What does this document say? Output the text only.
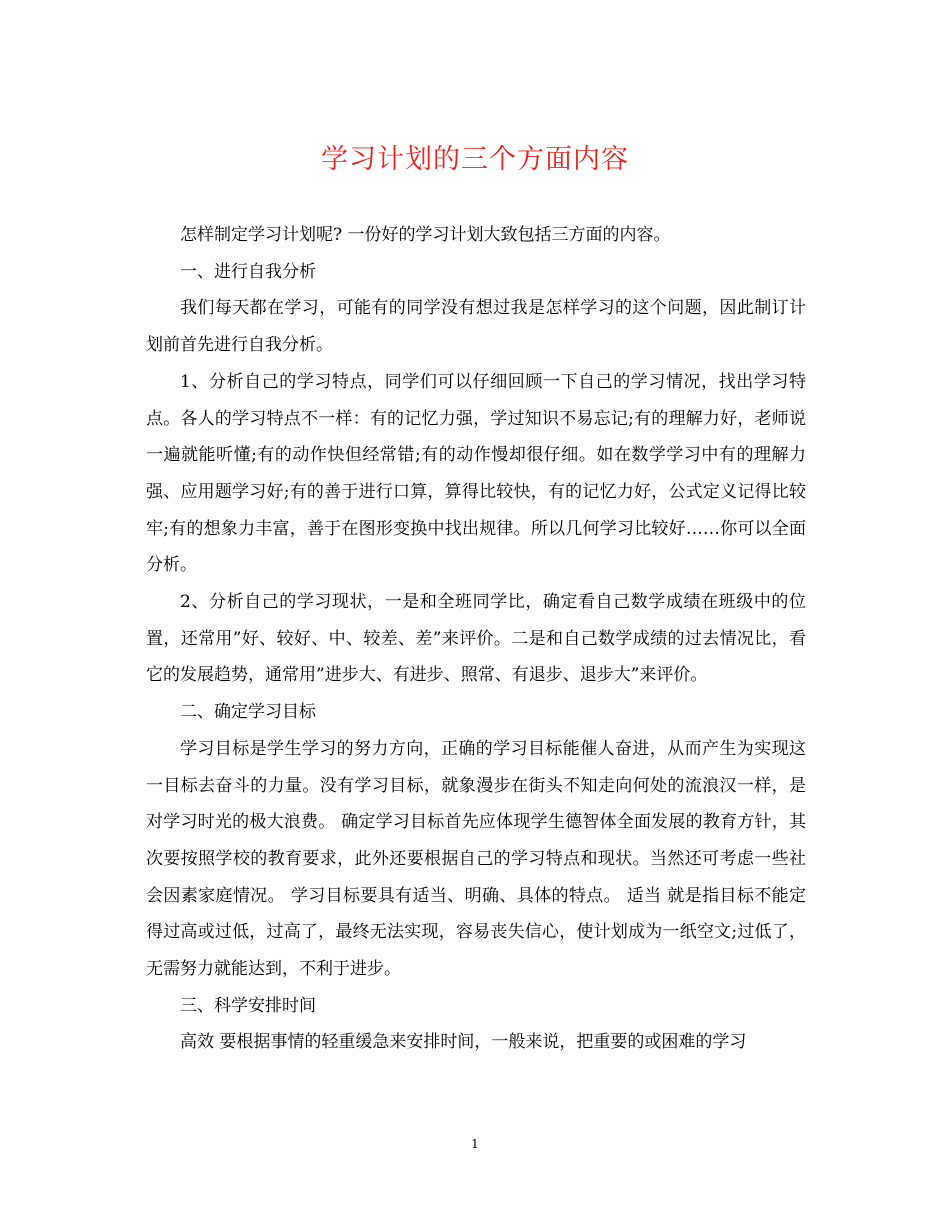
学习计划的三个方面内容

怎样制定学习计划呢? 一份好的学习计划大致包括三方面的内容。

一、进行自我分析

我们每天都在学习，可能有的同学没有想过我是怎样学习的这个问题，因此制订计划前首先进行自我分析。

1、分析自己的学习特点，同学们可以仔细回顾一下自己的学习情况，找出学习特点。各人的学习特点不一样：有的记忆力强，学过知识不易忘记;有的理解力好，老师说一遍就能听懂;有的动作快但经常错;有的动作慢却很仔细。如在数学学习中有的理解力强、应用题学习好;有的善于进行口算，算得比较快，有的记忆力好，公式定义记得比较牢;有的想象力丰富，善于在图形变换中找出规律。所以几何学习比较好……你可以全面分析。

2、分析自己的学习现状，一是和全班同学比，确定看自己数学成绩在班级中的位置，还常用”好、较好、中、较差、差”来评价。二是和自己数学成绩的过去情况比，看它的发展趋势，通常用”进步大、有进步、照常、有退步、退步大”来评价。

二、确定学习目标

学习目标是学生学习的努力方向，正确的学习目标能催人奋进，从而产生为实现这一目标去奋斗的力量。没有学习目标，就象漫步在街头不知走向何处的流浪汉一样，是对学习时光的极大浪费。 确定学习目标首先应体现学生德智体全面发展的教育方针，其次要按照学校的教育要求，此外还要根据自己的学习特点和现状。当然还可考虑一些社会因素家庭情况。 学习目标要具有适当、明确、具体的特点。 适当 就是指目标不能定得过高或过低，过高了，最终无法实现，容易丧失信心，使计划成为一纸空文;过低了，无需努力就能达到，不利于进步。

三、科学安排时间

高效 要根据事情的轻重缓急来安排时间，一般来说，把重要的或困难的学习

1
